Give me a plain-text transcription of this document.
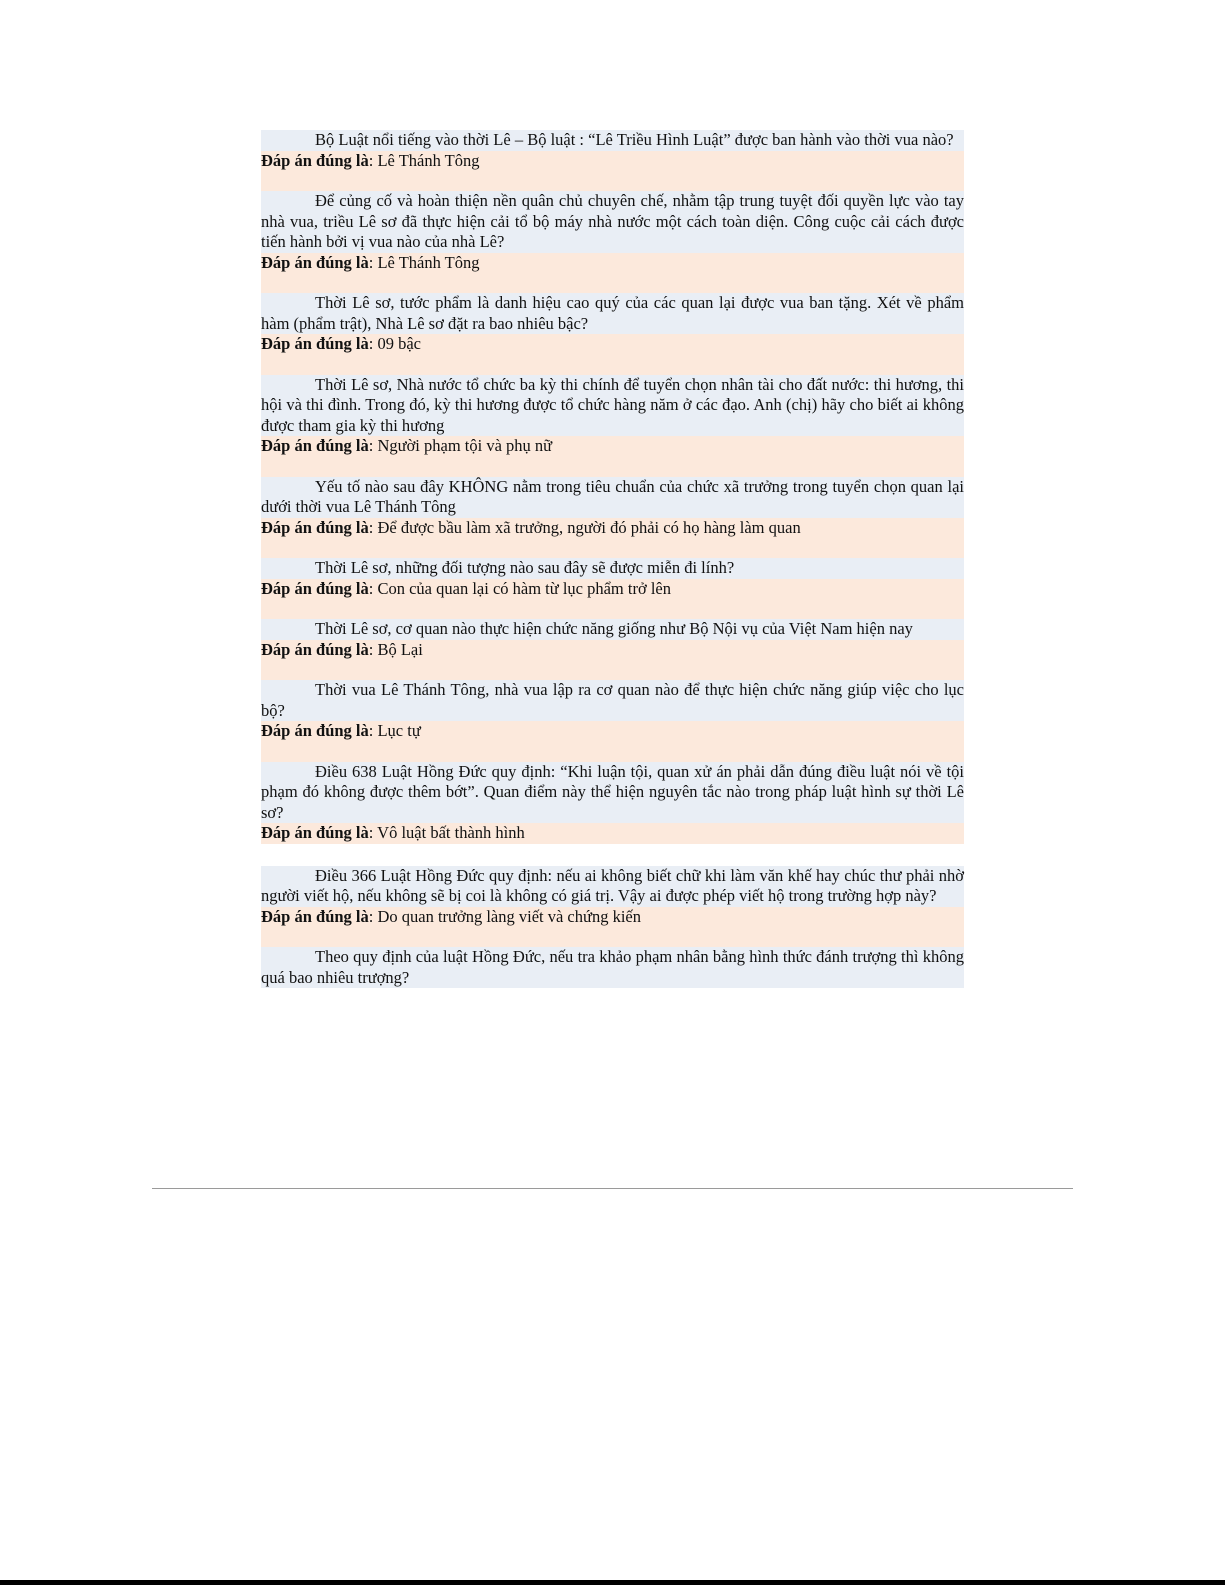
Bộ Luật nổi tiếng vào thời Lê – Bộ luật : “Lê Triều Hình Luật” được ban hành vào thời vua nào?

Đáp án đúng là: Lê Thánh Tông

Để củng cố và hoàn thiện nền quân chủ chuyên chế, nhằm tập trung tuyệt đối quyền lực vào tay nhà vua, triều Lê sơ đã thực hiện cải tổ bộ máy nhà nước một cách toàn diện. Công cuộc cải cách được tiến hành bởi vị vua nào của nhà Lê?

Đáp án đúng là: Lê Thánh Tông

Thời Lê sơ, tước phẩm là danh hiệu cao quý của các quan lại được vua ban tặng. Xét về phẩm hàm (phẩm trật), Nhà Lê sơ đặt ra bao nhiêu bậc?

Đáp án đúng là: 09 bậc

Thời Lê sơ, Nhà nước tổ chức ba kỳ thi chính để tuyển chọn nhân tài cho đất nước: thi hương, thi hội và thi đình. Trong đó, kỳ thi hương được tổ chức hàng năm ở các đạo. Anh (chị) hãy cho biết ai không được tham gia kỳ thi hương

Đáp án đúng là: Người phạm tội và phụ nữ

Yếu tố nào sau đây KHÔNG nằm trong tiêu chuẩn của chức xã trưởng trong tuyển chọn quan lại dưới thời vua Lê Thánh Tông

Đáp án đúng là: Để được bầu làm xã trưởng, người đó phải có họ hàng làm quan

Thời Lê sơ, những đối tượng nào sau đây sẽ được miễn đi lính?

Đáp án đúng là: Con của quan lại có hàm từ lục phẩm trở lên

Thời Lê sơ, cơ quan nào thực hiện chức năng giống như Bộ Nội vụ của Việt Nam hiện nay

Đáp án đúng là: Bộ Lại

Thời vua Lê Thánh Tông, nhà vua lập ra cơ quan nào để thực hiện chức năng giúp việc cho lục bộ?

Đáp án đúng là: Lục tự

Điều 638 Luật Hồng Đức quy định: “Khi luận tội, quan xử án phải dẫn đúng điều luật nói về tội phạm đó không được thêm bớt”. Quan điểm này thể hiện nguyên tắc nào trong pháp luật hình sự thời Lê sơ?

Đáp án đúng là: Vô luật bất thành hình

Điều 366 Luật Hồng Đức quy định: nếu ai không biết chữ khi làm văn khế hay chúc thư phải nhờ người viết hộ, nếu không sẽ bị coi là không có giá trị. Vậy ai được phép viết hộ trong trường hợp này?

Đáp án đúng là: Do quan trưởng làng viết và chứng kiến

Theo quy định của luật Hồng Đức, nếu tra khảo phạm nhân bằng hình thức đánh trượng thì không quá bao nhiêu trượng?
